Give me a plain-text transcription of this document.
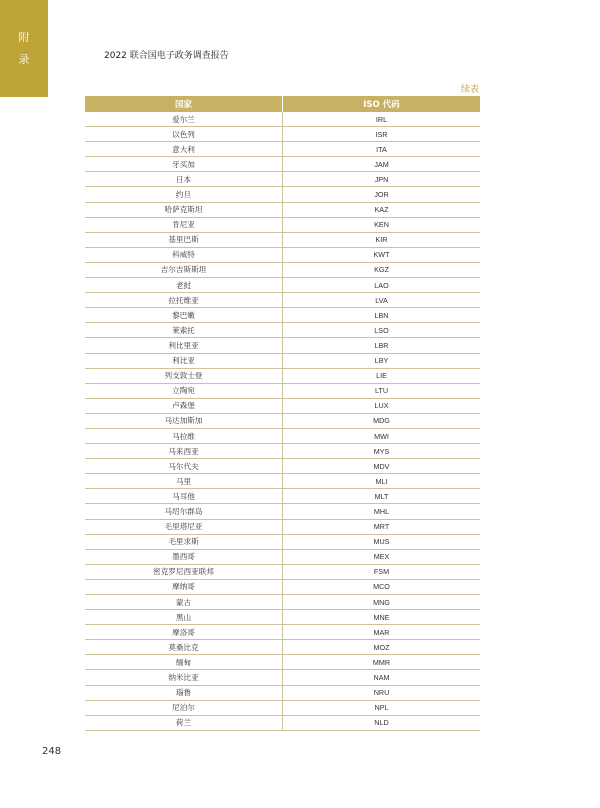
附
录	2022 联合国电子政务调查报告
续表
国家	ISO 代码
爱尔兰	IRL
以色列	ISR
意大利	ITA
牙买加	JAM
日本	JPN
约旦	JOR
哈萨克斯坦	KAZ
肯尼亚	KEN
基里巴斯	KIR
科威特	KWT
吉尔吉斯斯坦	KGZ
老挝	LAO
拉托维亚	LVA
黎巴嫩	LBN
莱索托	LSO
利比里亚	LBR
利比亚	LBY
列支敦士登	LIE
立陶宛	LTU
卢森堡	LUX
马达加斯加	MDG
马拉维	MWI
马来西亚	MYS
马尔代夫	MDV
马里	MLI
马耳他	MLT
马绍尔群岛	MHL
毛里塔尼亚	MRT
毛里求斯	MUS
墨西哥	MEX
密克罗尼西亚联邦	FSM
摩纳哥	MCO
蒙古	MNG
黑山	MNE
摩洛哥	MAR
莫桑比克	MOZ
缅甸	MMR
纳米比亚	NAM
瑙鲁	NRU
尼泊尔	NPL
荷兰	NLD
248
